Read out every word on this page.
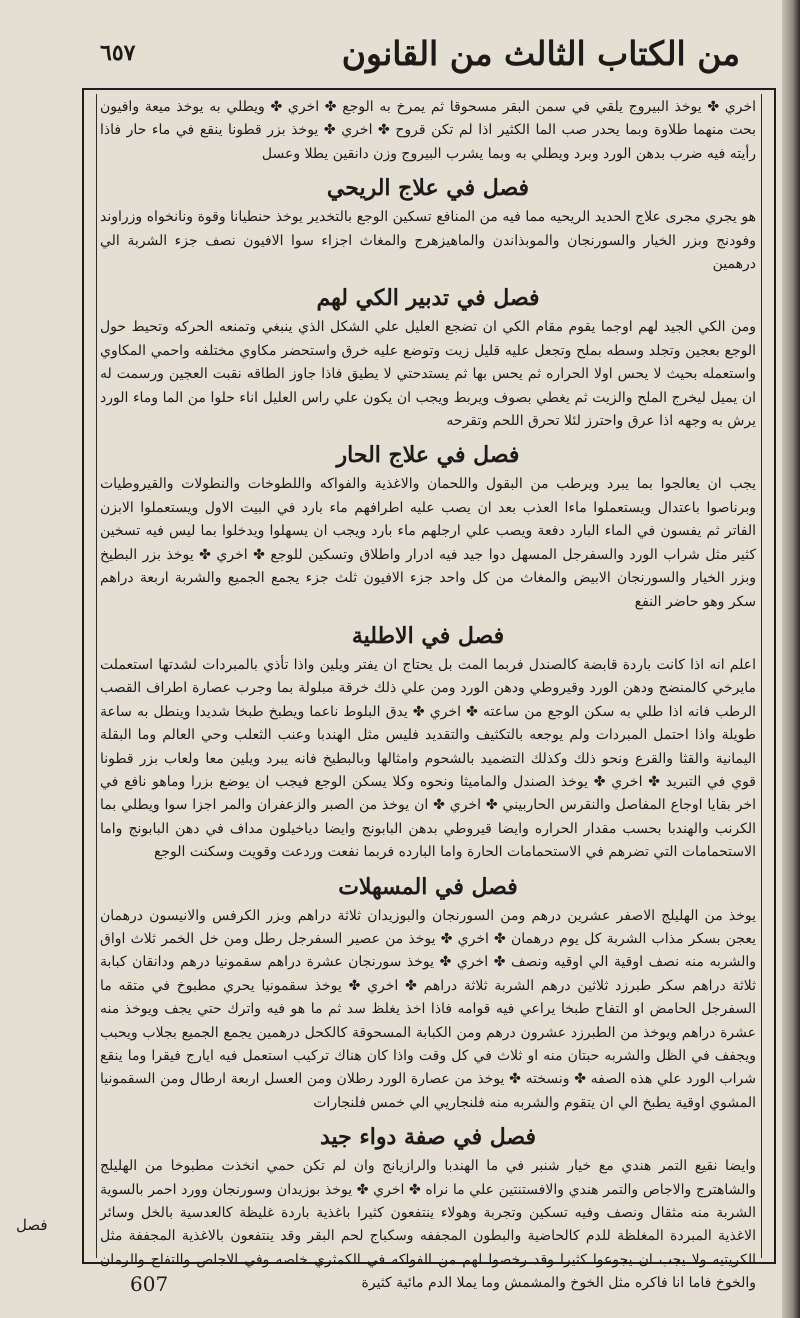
من الكتاب الثالث من القانون
٦٥٧

اخري ✤ يوخذ البيروج يلقي في سمن البقر مسحوقا ثم يمرخ به الوجع ✤ اخري ✤ ويطلي به يوخذ ميعة وافيون بحت منهما طلاوة وبما يحدر صب الما الكثير اذا لم تكن قروح ✤ اخري ✤ يوخذ بزر قطونا ينقع في ماء حار فاذا رأيته فيه ضرب بدهن الورد وبرد ويطلي به وبما يشرب البيروج وزن دانقين يطلا وعسل

فصل في علاج الريحي

هو يجري مجرى علاج الحديد الريحيه مما فيه من المنافع تسكين الوجع بالتخدير يوخذ حنطيانا وقوة ونانخواه وزراوند وفودنج وبزر الخيار والسورنجان والموبذاندن والماهيزهرج والمغاث اجزاء سوا الافيون نصف جزء الشربة الي درهمين

فصل في تدبير الكي لهم

ومن الكي الجيد لهم اوجما يقوم مقام الكي ان تضجع العليل علي الشكل الذي ينبغي وتمنعه الحركه وتحيط حول الوجع بعجين وتجلد وسطه بملح وتجعل عليه قليل زيت وتوضع عليه خرق واستحضر مكاوي مختلفه واحمي المكاوي واستعمله بحيث لا يحس اولا الحراره ثم يحس بها ثم يستدحتي لا يطيق فاذا جاوز الطاقه نقبت العجين ورسمت له ان يميل ليخرج الملح والزيت ثم يغطي بصوف ويربط ويجب ان يكون علي راس العليل اناء حلوا من الما وماء الورد يرش به وجهه اذا عرق واحترز لئلا تحرق اللحم وتقرحه

فصل في علاج الحار

يجب ان يعالجوا بما يبرد ويرطب من البقول واللحمان والاغذية والفواكه واللطوخات والنطولات والقيروطيات وبرناصوا باعتدال ويستعملوا ماءا العذب بعد ان يصب عليه اطرافهم ماء بارد في البيت الاول ويستعملوا الابزن الفاتر ثم يفسون في الماء البارد دفعة ويصب علي ارجلهم ماء بارد ويجب ان يسهلوا ويدخلوا بما ليس فيه تسخين كثير مثل شراب الورد والسفرجل المسهل دوا جيد فيه ادرار واطلاق وتسكين للوجع ✤ اخري ✤ يوخذ بزر البطيخ وبزر الخيار والسورنجان الابيض والمغاث من كل واحد جزء الافيون ثلث جزء يجمع الجميع والشربة اربعة دراهم سكر وهو حاضر النفع

فصل في الاطلية

اعلم انه اذا كانت باردة قابضة كالصندل فربما المت بل يحتاج ان يفتر ويلين واذا تأذي بالمبردات لشدتها استعملت مايرخي كالمنضج ودهن الورد وقيروطي ودهن الورد ومن علي ذلك خرقة مبلولة بما وجرب عصارة اطراف القصب الرطب فانه اذا طلي به سكن الوجع من ساعته ✤ اخري ✤ يدق البلوط ناعما ويطبخ طبخا شديدا وينطل به ساعة طويلة واذا احتمل المبردات ولم يوجعه بالتكثيف والتقديد فليس مثل الهندبا وعنب الثعلب وحي العالم وما البقلة اليمانية والقثا والقرع ونحو ذلك وكذلك التضميد بالشحوم وامثالها وبالبطيخ فانه يبرد ويلين معا ولعاب بزر قطونا قوي في التبريد ✤ اخري ✤ يوخذ الصندل والماميثا ونحوه وكلا يسكن الوجع فيجب ان يوضع بزرا وماهو نافع في اخر بقايا اوجاع المفاصل والنقرس الحاربيني ✤ اخري ✤ ان يوخذ من الصبر والزعفران والمر اجزا سوا ويطلي بما الكرنب والهندبا بحسب مقدار الحراره وايضا قيروطي بدهن البابونج وايضا دياخيلون مداف في دهن البابونج واما الاستحمامات التي تضرهم في الاستحمامات الحارة واما البارده فربما نفعت وردعت وقويت وسكنت الوجع

فصل في المسهلات

يوخذ من الهليلج الاصفر عشرين درهم ومن السورنجان والبوزيدان ثلاثة دراهم وبزر الكرفس والانيسون درهمان يعجن بسكر مذاب الشربة كل يوم درهمان ✤ اخري ✤ يوخذ من عصير السفرجل رطل ومن خل الخمر ثلاث اواق والشربه منه نصف اوقية الي اوقيه ونصف ✤ اخري ✤ يوخذ سورنجان عشرة دراهم سقمونيا درهم ودانقان كبابة ثلاثة دراهم سكر طبرزد ثلاثين درهم الشربة ثلاثة دراهم ✤ اخري ✤ يوخذ سقمونيا يحري مطبوخ في متقه ما السفرجل الحامض او التفاح طبخا يراعي فيه قوامه فاذا اخذ يغلظ سد ثم ما هو فيه واترك حتي يجف ويوخذ منه عشرة دراهم ويوخذ من الطبرزد عشرون درهم ومن الكبابة المسحوقة كالكحل درهمين يجمع الجميع بجلاب ويحبب ويجفف في الظل والشربه حبتان منه او ثلاث في كل وقت واذا كان هناك تركيب استعمل فيه ايارج فيقرا وما ينقع شراب الورد علي هذه الصفه ✤ ونسخته ✤ يوخذ من عصارة الورد رطلان ومن العسل اربعة ارطال ومن السقمونيا المشوي اوقية يطبخ الي ان يتقوم والشربه منه فلنجاريي الي خمس فلنجارات

فصل في صفة دواء جيد

وايضا نقيع التمر هندي مع خيار شنبر في ما الهندبا والرازيانج وان لم تكن حمي انخذت مطبوخا من الهليلج والشاهترج والاجاص والتمر هندي والافستنتين علي ما نراه ✤ اخري ✤ يوخذ بوزيدان وسورنجان وورد احمر بالسوية الشربة منه مثقال ونصف وفيه تسكين وتجربة وهولاء ينتفعون كثيرا باغذية باردة غليظة كالعدسية بالخل وسائر الاغذية المبردة المغلظة للدم كالحاضية والبطون المجففه وسكباج لحم البقر وقد ينتفعون بالاغذية المجففة مثل الكريتيه ولا يجب ان يجوعوا كثيرا وقد رخصوا لهم من الفواكه في الكمثري خاصه وفي الاجاص والتفاح والرمان والخوخ فاما انا فاكره مثل الخوخ والمشمش وما يملا الدم مائية كثيرة

فصل
607
